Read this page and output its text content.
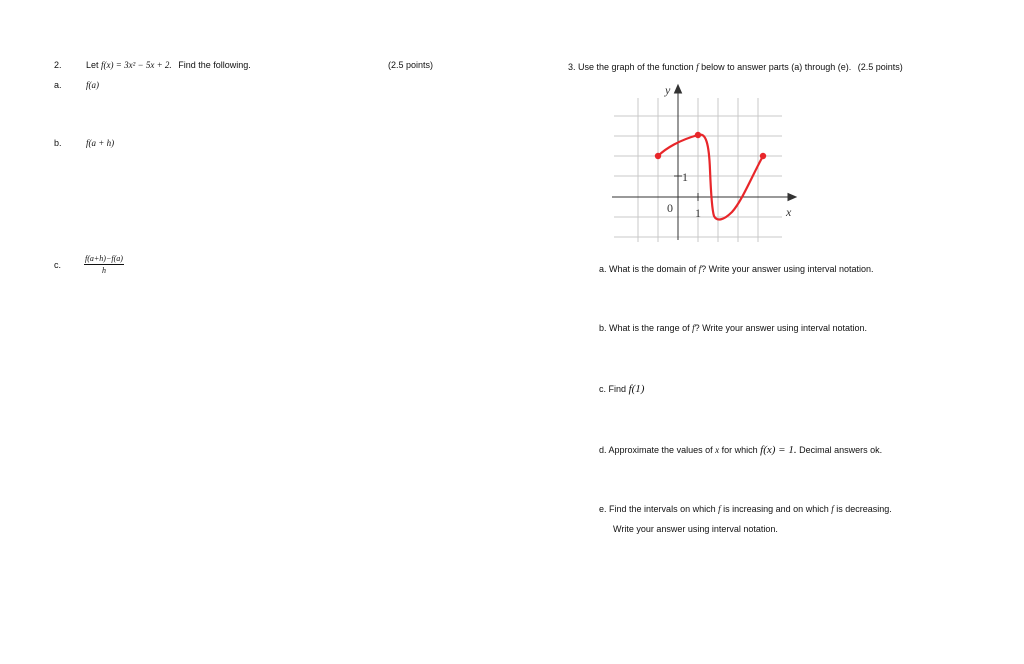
2.	Let f(x) = 3x² − 5x + 2. Find the following.	(2.5 points)
a.	f(a)
b.	f(a + h)
c.	$\frac{f(a+h)-f(a)}{h}$
3. Use the graph of the function f below to answer parts (a) through (e). (2.5 points)
y
x
1
1
0
a. What is the domain of f? Write your answer using interval notation.
b. What is the range of f? Write your answer using interval notation.
c. Find f(1)
d. Approximate the values of x for which f(x) = 1. Decimal answers ok.
e. Find the intervals on which f is increasing and on which f is decreasing.
Write your answer using interval notation.
